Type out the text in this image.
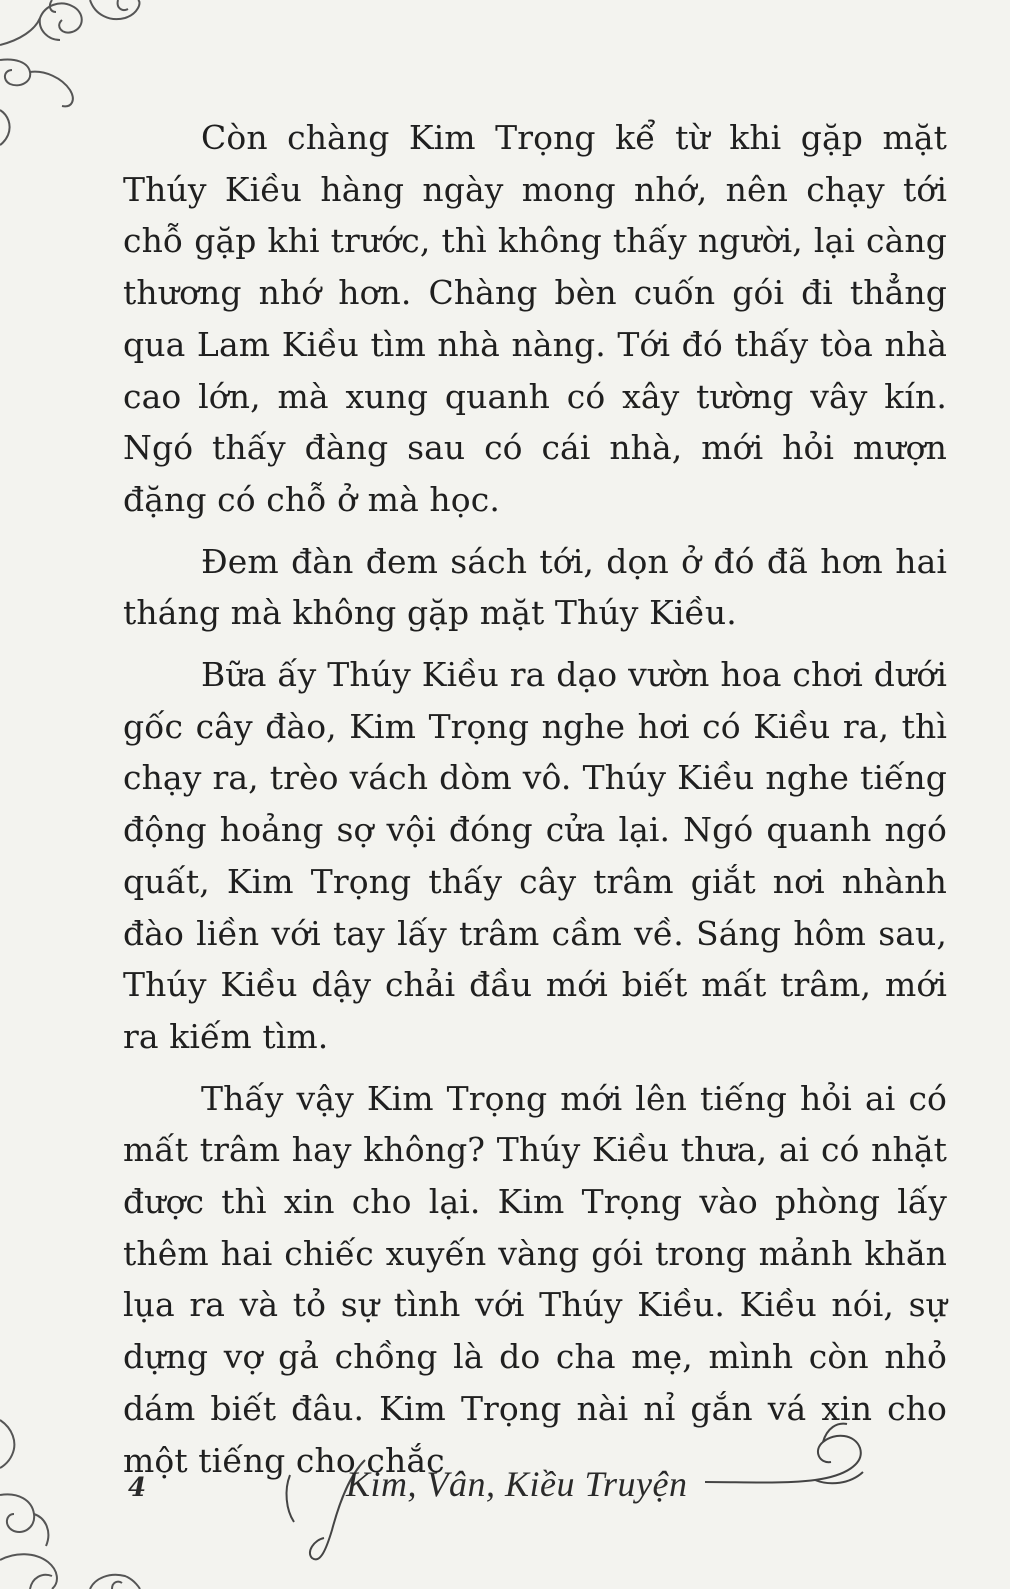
Còn chàng Kim Trọng kể từ khi gặp mặt Thúy Kiều hàng ngày mong nhớ, nên chạy tới chỗ gặp khi trước, thì không thấy người, lại càng thương nhớ hơn. Chàng bèn cuốn gói đi thẳng qua Lam Kiều tìm nhà nàng. Tới đó thấy tòa nhà cao lớn, mà xung quanh có xây tường vây kín. Ngó thấy đàng sau có cái nhà, mới hỏi mượn đặng có chỗ ở mà học.

Đem đàn đem sách tới, dọn ở đó đã hơn hai tháng mà không gặp mặt Thúy Kiều.

Bữa ấy Thúy Kiều ra dạo vườn hoa chơi dưới gốc cây đào, Kim Trọng nghe hơi có Kiều ra, thì chạy ra, trèo vách dòm vô. Thúy Kiều nghe tiếng động hoảng sợ vội đóng cửa lại. Ngó quanh ngó quất, Kim Trọng thấy cây trâm giắt nơi nhành đào liền với tay lấy trâm cầm về. Sáng hôm sau, Thúy Kiều dậy chải đầu mới biết mất trâm, mới ra kiếm tìm.

Thấy vậy Kim Trọng mới lên tiếng hỏi ai có mất trâm hay không? Thúy Kiều thưa, ai có nhặt được thì xin cho lại. Kim Trọng vào phòng lấy thêm hai chiếc xuyến vàng gói trong mảnh khăn lụa ra và tỏ sự tình với Thúy Kiều. Kiều nói, sự dựng vợ gả chồng là do cha mẹ, mình còn nhỏ dám biết đâu. Kim Trọng nài nỉ gắn vá xin cho một tiếng cho chắc

4	Kim, Vân, Kiều Truyện
